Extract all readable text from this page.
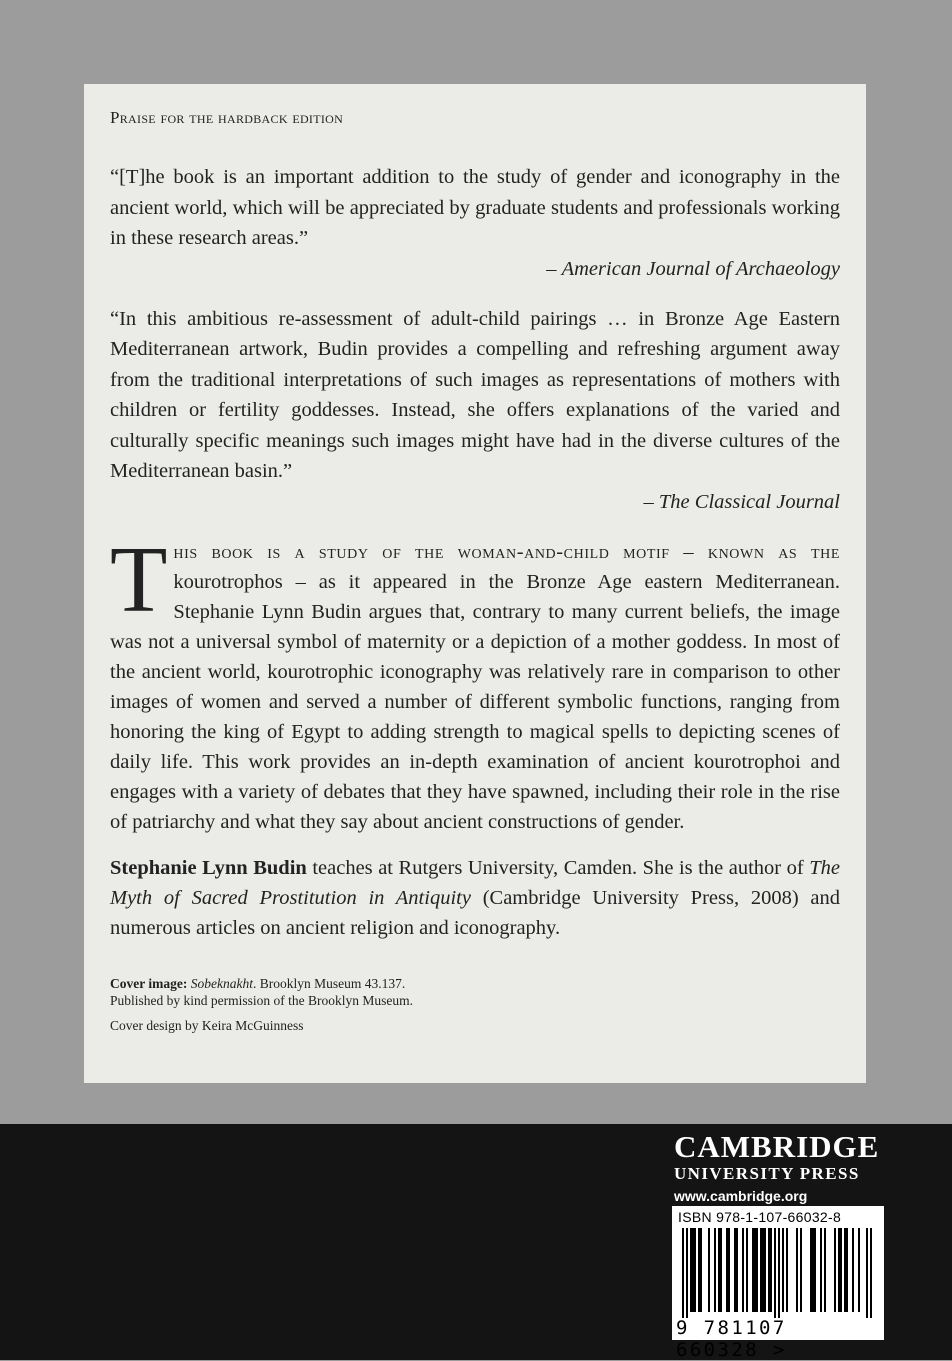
Praise for the hardback edition

“[T]he book is an important addition to the study of gender and iconography in the ancient world, which will be appreciated by graduate students and professionals working in these research areas.”

– American Journal of Archaeology

“In this ambitious re-assessment of adult-child pairings … in Bronze Age Eastern Mediterranean artwork, Budin provides a compelling and refreshing argument away from the traditional interpretations of such images as representations of mothers with children or fertility goddesses. Instead, she offers explanations of the varied and culturally specific meanings such images might have had in the diverse cultures of the Mediterranean basin.”

– The Classical Journal

This book is a study of the woman-and-child motif – known as the kourotrophos – as it appeared in the Bronze Age eastern Mediterranean. Stephanie Lynn Budin argues that, contrary to many current beliefs, the image was not a universal symbol of maternity or a depiction of a mother goddess. In most of the ancient world, kourotrophic iconography was relatively rare in comparison to other images of women and served a number of different symbolic functions, ranging from honoring the king of Egypt to adding strength to magical spells to depicting scenes of daily life. This work provides an in-depth examination of ancient kourotrophoi and engages with a variety of debates that they have spawned, including their role in the rise of patriarchy and what they say about ancient constructions of gender.

Stephanie Lynn Budin teaches at Rutgers University, Camden. She is the author of The Myth of Sacred Prostitution in Antiquity (Cambridge University Press, 2008) and numerous articles on ancient religion and iconography.

Cover image: Sobeknakht. Brooklyn Museum 43.137.

Published by kind permission of the Brooklyn Museum.

Cover design by Keira McGuinness

CAMBRIDGE
UNIVERSITY PRESS
www.cambridge.org
ISBN 978-1-107-66032-8
9 781107 660328 >
